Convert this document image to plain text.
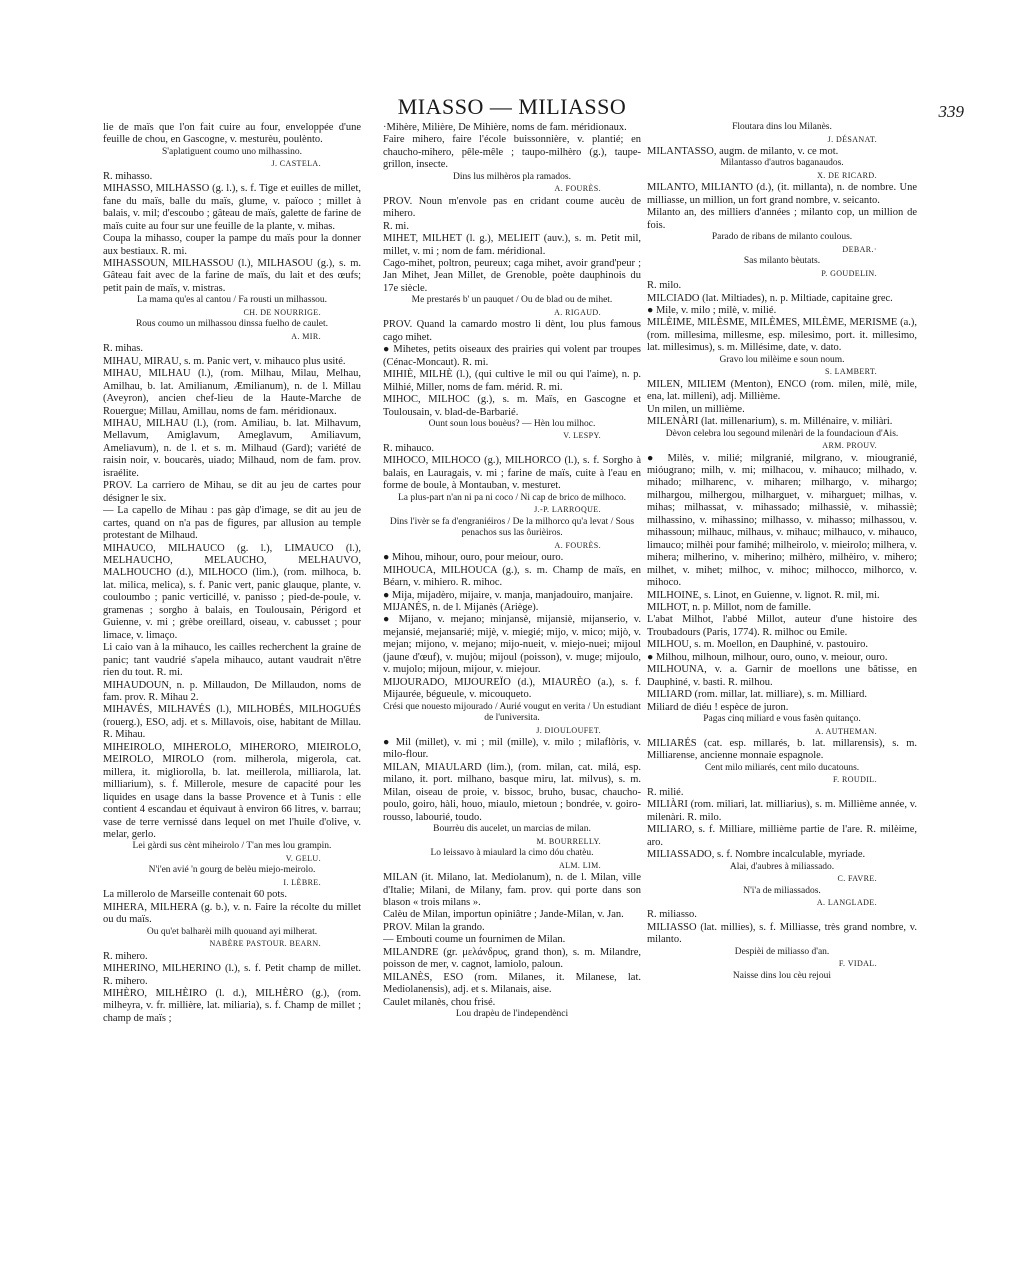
MIASSO — MILIASSO	339

lie de maïs que l'on fait cuire au four, enveloppée d'une feuille de chou, en Gascogne, v. mesturèu, poulènto.

S'aplatiguent coumo uno milhassino.

J. CASTELA.

R. mihasso.

MIHASSO, MILHASSO (g. l.), s. f. Tige et euilles de millet, fane du maïs, balle du maïs, glume, v. païoco ; millet à balais, v. mil; d'escoubo ; gâteau de maïs, galette de farine de maïs cuite au four sur une feuille de la plante, v. mihas.

Coupa la mihasso, couper la pampe du maïs pour la donner aux bestiaux. R. mi.

MIHASSOUN, MILHASSOU (l.), MILHASOU (g.), s. m. Gâteau fait avec de la farine de maïs, du lait et des œufs; petit pain de maïs, v. mistras.

La mama qu'es al cantou / Fa rousti un milhassou.

CH. DE NOURRIGE.

Rous coumo un milhassou dinssa fuelho de caulet.

A. MIR.

R. mihas.

MIHAU, MIRAU, s. m. Panic vert, v. mihauco plus usité.

MIHAU, MILHAU (l.), (rom. Milhau, Milau, Melhau, Amilhau, b. lat. Amilianum, Æmilianum), n. de l. Millau (Aveyron), ancien chef-lieu de la Haute-Marche de Rouergue; Millau, Amillau, noms de fam. méridionaux.

MIHAU, MILHAU (l.), (rom. Amiliau, b. lat. Milhavum, Mellavum, Amiglavum, Ameglavum, Amiliavum, Ameliavum), n. de l. et s. m. Milhaud (Gard); variété de raisin noir, v. boucarès, uiado; Milhaud, nom de fam. prov. israélite.

PROV. La carriero de Mihau, se dit au jeu de cartes pour désigner le six.

— La capello de Mihau : pas gàp d'image, se dit au jeu de cartes, quand on n'a pas de figures, par allusion au temple protestant de Milhaud.

MIHAUCO, MILHAUCO (g. l.), LIMAUCO (l.), MELHAUCHO, MELAUCHO, MELHAUVO, MALHOUCHO (d.), MILHOCO (lim.), (rom. milhoca, b. lat. milica, melica), s. f. Panic vert, panic glauque, plante, v. couloumbo ; panic verticillé, v. panisso ; pied-de-poule, v. gramenas ; sorgho à balais, en Toulousain, Périgord et Guienne, v. mi ; grèbe oreillard, oiseau, v. cabusset ; pour limace, v. limaço.

Li caio van à la mihauco, les cailles recherchent la graine de panic; tant vaudrié s'apela mihauco, autant vaudrait n'être rien du tout. R. mi.

MIHAUDOUN, n. p. Millaudon, De Millaudon, noms de fam. prov. R. Mihau 2.

MIHAVÉS, MILHAVÉS (l.), MILHOBÉS, MILHOGUÉS (rouerg.), ESO, adj. et s. Millavois, oise, habitant de Millau. R. Mihau.

MIHEIROLO, MIHEROLO, MIHERORO, MIEIROLO, MEIROLO, MIROLO (rom. milherola, migerola, cat. millera, it. migliorolla, b. lat. meillerola, milliarola, lat. milliarium), s. f. Millerole, mesure de capacité pour les liquides en usage dans la basse Provence et à Tunis : elle contient 4 escandau et équivaut à environ 66 litres, v. barrau; vase de terre vernissé dans lequel on met l'huile d'olive, v. melar, gerlo.

Lei gàrdi sus cènt miheirolo / T'an mes lou grampin.

V. GELU.

N'i'en avié 'n gourg de belèu miejo-meirolo.

I. LÈBRE.

La millerolo de Marseille contenait 60 pots.

MIHERA, MILHERA (g. b.), v. n. Faire la récolte du millet ou du maïs.

Ou qu'et balharèi milh quouand ayi milherat.

NABÈRE PASTOUR. BEARN.

R. mihero.

MIHERINO, MILHERINO (l.), s. f. Petit champ de millet. R. mihero.

MIHÈRO, MILHÈIRO (l. d.), MILHÈRO (g.), (rom. milheyra, v. fr. millière, lat. miliaria), s. f. Champ de millet ; champ de maïs ;

·Mihère, Milière, De Mihière, noms de fam. méridionaux.

Faire mihero, faire l'école buissonnière, v. plantié; en chaucho-mihero, pêle-mêle ; taupo-milhèro (g.), taupe-grillon, insecte.

Dins lus milhèros pla ramados.

A. FOURÈS.

PROV. Noun m'envole pas en cridant coume aucèu de mihero.

R. mi.

MIHET, MILHET (l. g.), MELIEIT (auv.), s. m. Petit mil, millet, v. mi ; nom de fam. méridional.

Cago-mihet, poltron, peureux; caga mihet, avoir grand'peur ; Jan Mihet, Jean Millet, de Grenoble, poète dauphinois du 17e siècle.

Me prestarés b' un pauquet / Ou de blad ou de mihet.

A. RIGAUD.

PROV. Quand la camardo mostro li dènt, lou plus famous cago mihet.

● Mihetes, petits oiseaux des prairies qui volent par troupes (Cénac-Moncaut). R. mi.

MIHIÈ, MILHÈ (l.), (qui cultive le mil ou qui l'aime), n. p. Milhié, Miller, noms de fam. mérid. R. mi.

MIHOC, MILHOC (g.), s. m. Maïs, en Gascogne et Toulousain, v. blad-de-Barbarié.

Ount soun lous bouèus? — Hèn lou milhoc.

V. LESPY.

R. mihauco.

MIHOCO, MILHOCO (g.), MILHORCO (l.), s. f. Sorgho à balais, en Lauragais, v. mi ; farine de maïs, cuite à l'eau en forme de boule, à Montauban, v. mesturet.

La plus-part n'an ni pa ni coco / Ni cap de brico de milhoco.

J.-P. LARROQUE.

Dins l'ivèr se fa d'engraniéiros / De la milhorco qu'a levat / Sous penachos sus las ôurièiros.

A. FOURÈS.

● Mihou, mihour, ouro, pour meiour, ouro.

MIHOUCA, MILHOUCA (g.), s. m. Champ de maïs, en Béarn, v. mihiero. R. mihoc.

● Mija, mijadèro, mijaire, v. manja, manjadouiro, manjaire.

MIJANÉS, n. de l. Mijanès (Ariège).

● Mijano, v. mejano; minjansè, mijansiè, mijanserio, v. mejansié, mejansarié; mijè, v. miegié; mijo, v. mico; mijò, v. mejan; mijono, v. mejano; mijo-nueit, v. miejo-nuei; mijoul (jaune d'œuf), v. mujòu; mijoul (poisson), v. muge; mijoulo, v. mujolo; mijoun, mijour, v. miejour.

MIJOURADO, MIJOUREÏO (d.), MIAURÈO (a.), s. f. Mijaurée, bégueule, v. micouqueto.

Crési que nouesto mijourado / Aurié vougut en verita / Un estudiant de l'universita.

J. DIOULOUFET.

● Mil (millet), v. mi ; mil (mille), v. milo ; milaflòris, v. milo-flour.

MILAN, MIAULARD (lim.), (rom. milan, cat. milá, esp. milano, it. port. milhano, basque miru, lat. milvus), s. m. Milan, oiseau de proie, v. bissoc, bruho, busac, chaucho-poulo, goiro, hàli, houo, miaulo, mietoun ; bondrée, v. goiro-rousso, labourié, toudo.

Bourrèu dis aucelet, un marcias de milan.

M. BOURRELLY.

Lo leissavo à miaulard la cimo dóu chatèu.

ALM. LIM.

MILAN (it. Milano, lat. Mediolanum), n. de l. Milan, ville d'Italie; Milani, de Milany, fam. prov. qui porte dans son blason « trois milans ».

Calèu de Milan, importun opiniâtre ; Jande-Milan, v. Jan.

PROV. Milan la grando.

— Embouti coume un fournimen de Milan.

MILANDRE (gr. μελάνδρυς, grand thon), s. m. Milandre, poisson de mer, v. cagnot, lamiolo, paloun.

MILANÈS, ESO (rom. Milanes, it. Milanese, lat. Mediolanensis), adj. et s. Milanais, aise.

Caulet milanès, chou frisé.

Lou drapèu de l'independènci

Floutara dins lou Milanès.

J. DÉSANAT.

MILANTASSO, augm. de milanto, v. ce mot.

Milantasso d'autros baganaudos.

X. DE RICARD.

MILANTO, MILIANTO (d.), (it. millanta), n. de nombre. Une milliasse, un million, un fort grand nombre, v. seicanto.

Milanto an, des milliers d'années ; milanto cop, un million de fois.

Parado de ribans de milanto coulous.

DEBAR.·

Sas milanto bèutats.

P. GOUDELIN.

R. milo.

MILCIADO (lat. Miltiades), n. p. Miltiade, capitaine grec.

● Mile, v. milo ; milè, v. milié.

MILÈIME, MILÈSME, MILÈMES, MILÈME, MERISME (a.), (rom. millesima, millesme, esp. milesimo, port. it. millesimo, lat. millesimus), s. m. Millésime, date, v. dato.

Gravo lou milèime e soun noum.

S. LAMBERT.

MILEN, MILIEM (Menton), ENCO (rom. milen, milè, mile, ena, lat. milleni), adj. Millième.

Un milen, un millième.

MILENÀRI (lat. millenarium), s. m. Millénaire, v. miliàri.

Dèvon celebra lou segound milenàri de la foundacioun d'Ais.

ARM. PROUV.

● Milès, v. milié; milgranié, milgrano, v. miougranié, mióugrano; milh, v. mi; milhacou, v. mihauco; milhado, v. mihado; milharenc, v. miharen; milhargo, v. mihargo; milhargou, milhergou, milharguet, v. miharguet; milhas, v. mihas; milhassat, v. mihassado; milhassiè, v. mihassiè; milhassino, v. mihassino; milhasso, v. mihasso; milhassou, v. mihassoun; milhauc, milhaus, v. mihauc; milhauco, v. mihauco, limauco; milhèi pour famihé; milheirolo, v. mieirolo; milhera, v. mihera; milherino, v. miherino; milhèro, milhèiro, v. mihero; milhet, v. mihet; milhoc, v. mihoc; milhocco, milhorco, v. mihoco.

MILHOINE, s. Linot, en Guienne, v. lignot. R. mil, mi.

MILHOT, n. p. Millot, nom de famille.

L'abat Milhot, l'abbé Millot, auteur d'une histoire des Troubadours (Paris, 1774). R. milhoc ou Emile.

MILHOU, s. m. Moellon, en Dauphiné, v. pastouiro.

● Milhou, milhoun, milhour, ouro, ouno, v. meiour, ouro.

MILHOUNA, v. a. Garnir de moellons une bâtisse, en Dauphiné, v. basti. R. milhou.

MILIARD (rom. millar, lat. milliare), s. m. Milliard.

Miliard de dìéu ! espèce de juron.

Pagas cinq miliard e vous fasèn quitanço.

A. AUTHEMAN.

MILIARÉS (cat. esp. millarés, b. lat. millarensis), s. m. Milliarense, ancienne monnaie espagnole.

Cent milo miliarés, cent milo ducatouns.

F. ROUDIL.

R. milié.

MILIÀRI (rom. miliari, lat. milliarius), s. m. Millième année, v. milenàri. R. milo.

MILIARO, s. f. Milliare, millième partie de l'are. R. milèime, aro.

MILIASSADO, s. f. Nombre incalculable, myriade.

Alai, d'aubres à miliassado.

C. FAVRE.

N'i'a de miliassados.

A. LANGLADE.

R. miliasso.

MILIASSO (lat. millies), s. f. Milliasse, très grand nombre, v. milanto.

Despièi de miliasso d'an.

F. VIDAL.

Naisse dins lou cèu rejoui
